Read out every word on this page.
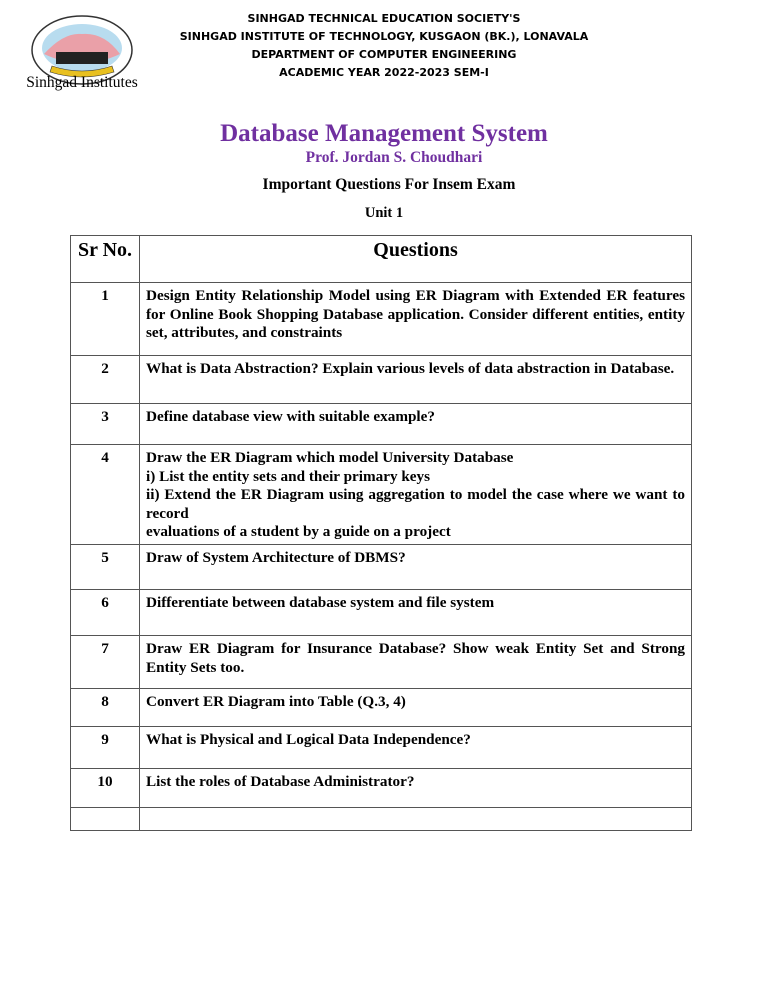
Sinhgad Institutes
SINHGAD TECHNICAL EDUCATION SOCIETY'S
SINHGAD INSTITUTE OF TECHNOLOGY, KUSGAON (BK.), LONAVALA
DEPARTMENT OF COMPUTER ENGINEERING
ACADEMIC YEAR 2022-2023 SEM-I
Database Management System
Prof. Jordan S. Choudhari
Important Questions For Insem Exam
Unit 1
Sr No.	Questions
1	Design Entity Relationship Model using ER Diagram with Extended ER features for Online Book Shopping Database application. Consider different entities, entity set, attributes, and constraints
2	What is Data Abstraction? Explain various levels of data abstraction in Database.
3	Define database view with suitable example?
4	Draw the ER Diagram which model University Database
i) List the entity sets and their primary keys
ii) Extend the ER Diagram using aggregation to model the case where we want to record
evaluations of a student by a guide on a project
5	Draw of System Architecture of DBMS?
6	Differentiate between database system and file system
7	Draw ER Diagram for Insurance Database? Show weak Entity Set and Strong Entity Sets too.
8	Convert ER Diagram into Table (Q.3, 4)
9	What is Physical and Logical Data Independence?
10	List the roles of Database Administrator?
